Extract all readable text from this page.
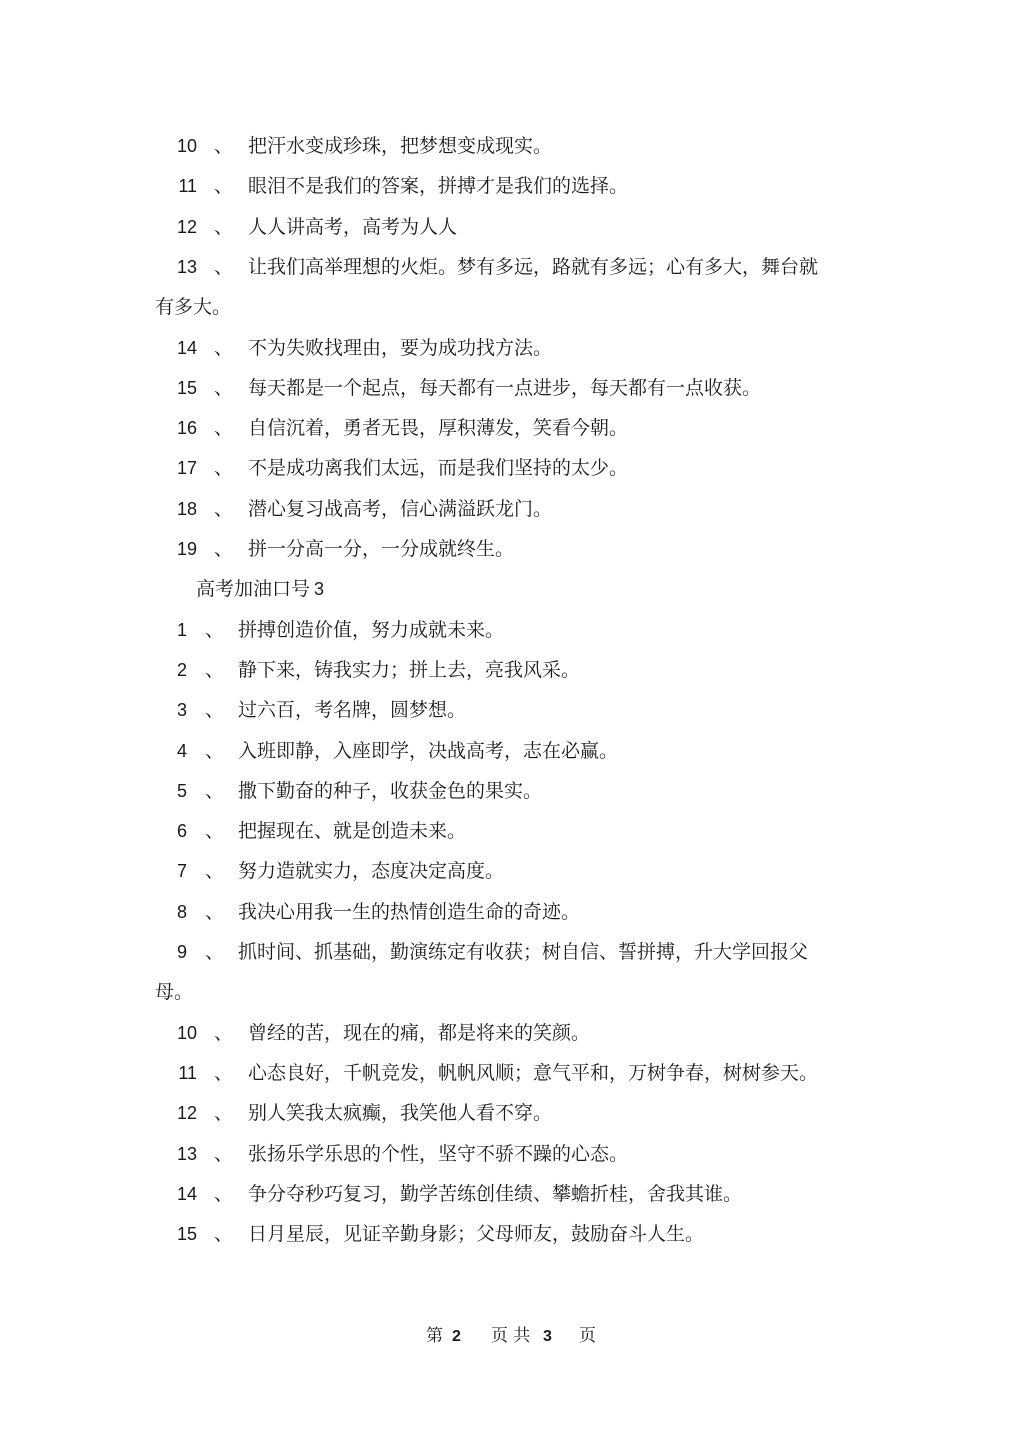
10 、 把汗水变成珍珠，把梦想变成现实。
11 、 眼泪不是我们的答案，拼搏才是我们的选择。
12 、 人人讲高考，高考为人人
13 、 让我们高举理想的火炬。梦有多远，路就有多远；心有多大，舞台就
有多大。
14 、 不为失败找理由，要为成功找方法。
15 、 每天都是一个起点，每天都有一点进步，每天都有一点收获。
16 、 自信沉着，勇者无畏，厚积薄发，笑看今朝。
17 、 不是成功离我们太远，而是我们坚持的太少。
18 、 潜心复习战高考，信心满溢跃龙门。
19 、 拼一分高一分，一分成就终生。
高考加油口号 3
1 、 拼搏创造价值，努力成就未来。
2 、 静下来，铸我实力；拼上去，亮我风采。
3 、 过六百，考名牌，圆梦想。
4 、 入班即静，入座即学，决战高考，志在必赢。
5 、 撒下勤奋的种子，收获金色的果实。
6 、 把握现在、就是创造未来。
7 、 努力造就实力，态度决定高度。
8 、 我决心用我一生的热情创造生命的奇迹。
9 、 抓时间、抓基础，勤演练定有收获；树自信、誓拼搏，升大学回报父
母。
10 、 曾经的苦，现在的痛，都是将来的笑颜。
11 、 心态良好，千帆竞发，帆帆风顺；意气平和，万树争春，树树参天。
12 、 别人笑我太疯癫，我笑他人看不穿。
13 、 张扬乐学乐思的个性，坚守不骄不躁的心态。
14 、 争分夺秒巧复习，勤学苦练创佳绩、攀蟾折桂，舍我其谁。
15 、 日月星辰，见证辛勤身影；父母师友，鼓励奋斗人生。
第 2 页 共 3 页
